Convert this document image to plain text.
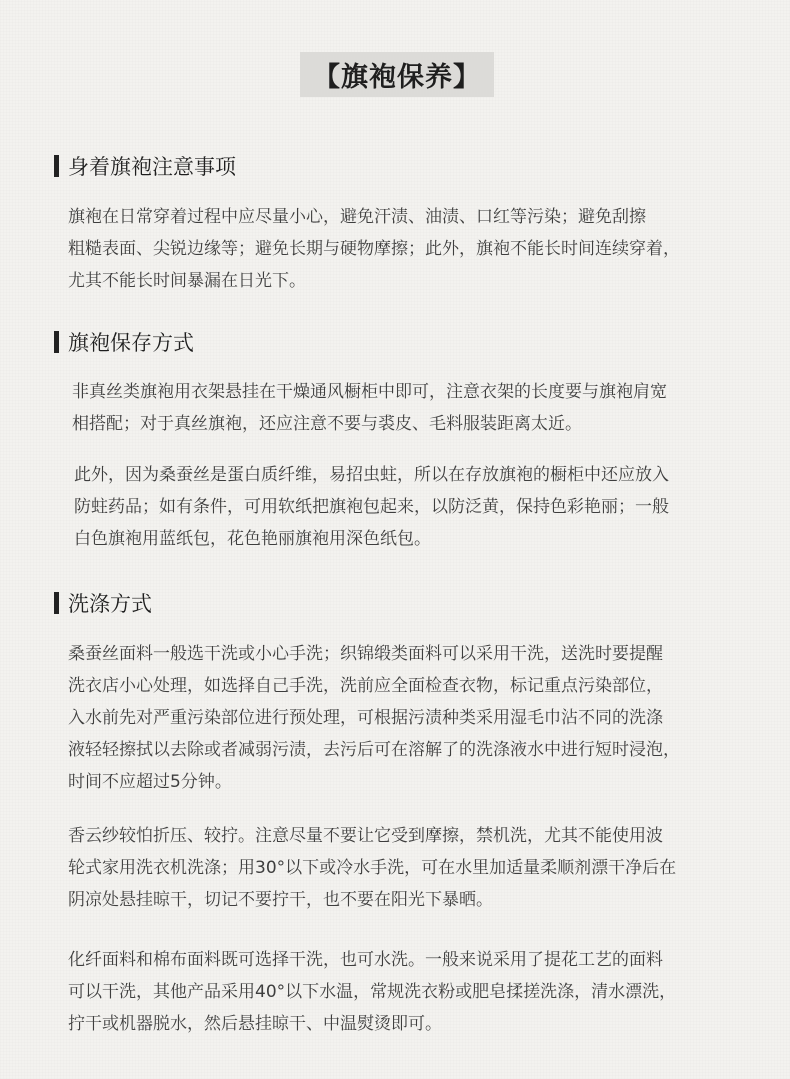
【旗袍保养】
身着旗袍注意事项
旗袍在日常穿着过程中应尽量小心，避免汗渍、油渍、口红等污染；避免刮擦
粗糙表面、尖锐边缘等；避免长期与硬物摩擦；此外，旗袍不能长时间连续穿着，
尤其不能长时间暴漏在日光下。
旗袍保存方式
非真丝类旗袍用衣架悬挂在干燥通风橱柜中即可，注意衣架的长度要与旗袍肩宽
相搭配；对于真丝旗袍，还应注意不要与裘皮、毛料服装距离太近。
此外，因为桑蚕丝是蛋白质纤维，易招虫蛀，所以在存放旗袍的橱柜中还应放入
防蛀药品；如有条件，可用软纸把旗袍包起来，以防泛黄，保持色彩艳丽；一般
白色旗袍用蓝纸包，花色艳丽旗袍用深色纸包。
洗涤方式
桑蚕丝面料一般选干洗或小心手洗；织锦缎类面料可以采用干洗，送洗时要提醒
洗衣店小心处理，如选择自己手洗，洗前应全面检查衣物，标记重点污染部位，
入水前先对严重污染部位进行预处理，可根据污渍种类采用湿毛巾沾不同的洗涤
液轻轻擦拭以去除或者减弱污渍，去污后可在溶解了的洗涤液水中进行短时浸泡，
时间不应超过5分钟。
香云纱较怕折压、较拧。注意尽量不要让它受到摩擦，禁机洗，尤其不能使用波
轮式家用洗衣机洗涤；用30°以下或冷水手洗，可在水里加适量柔顺剂漂干净后在
阴凉处悬挂晾干，切记不要拧干，也不要在阳光下暴晒。
化纤面料和棉布面料既可选择干洗，也可水洗。一般来说采用了提花工艺的面料
可以干洗，其他产品采用40°以下水温，常规洗衣粉或肥皂揉搓洗涤，清水漂洗，
拧干或机器脱水，然后悬挂晾干、中温熨烫即可。
